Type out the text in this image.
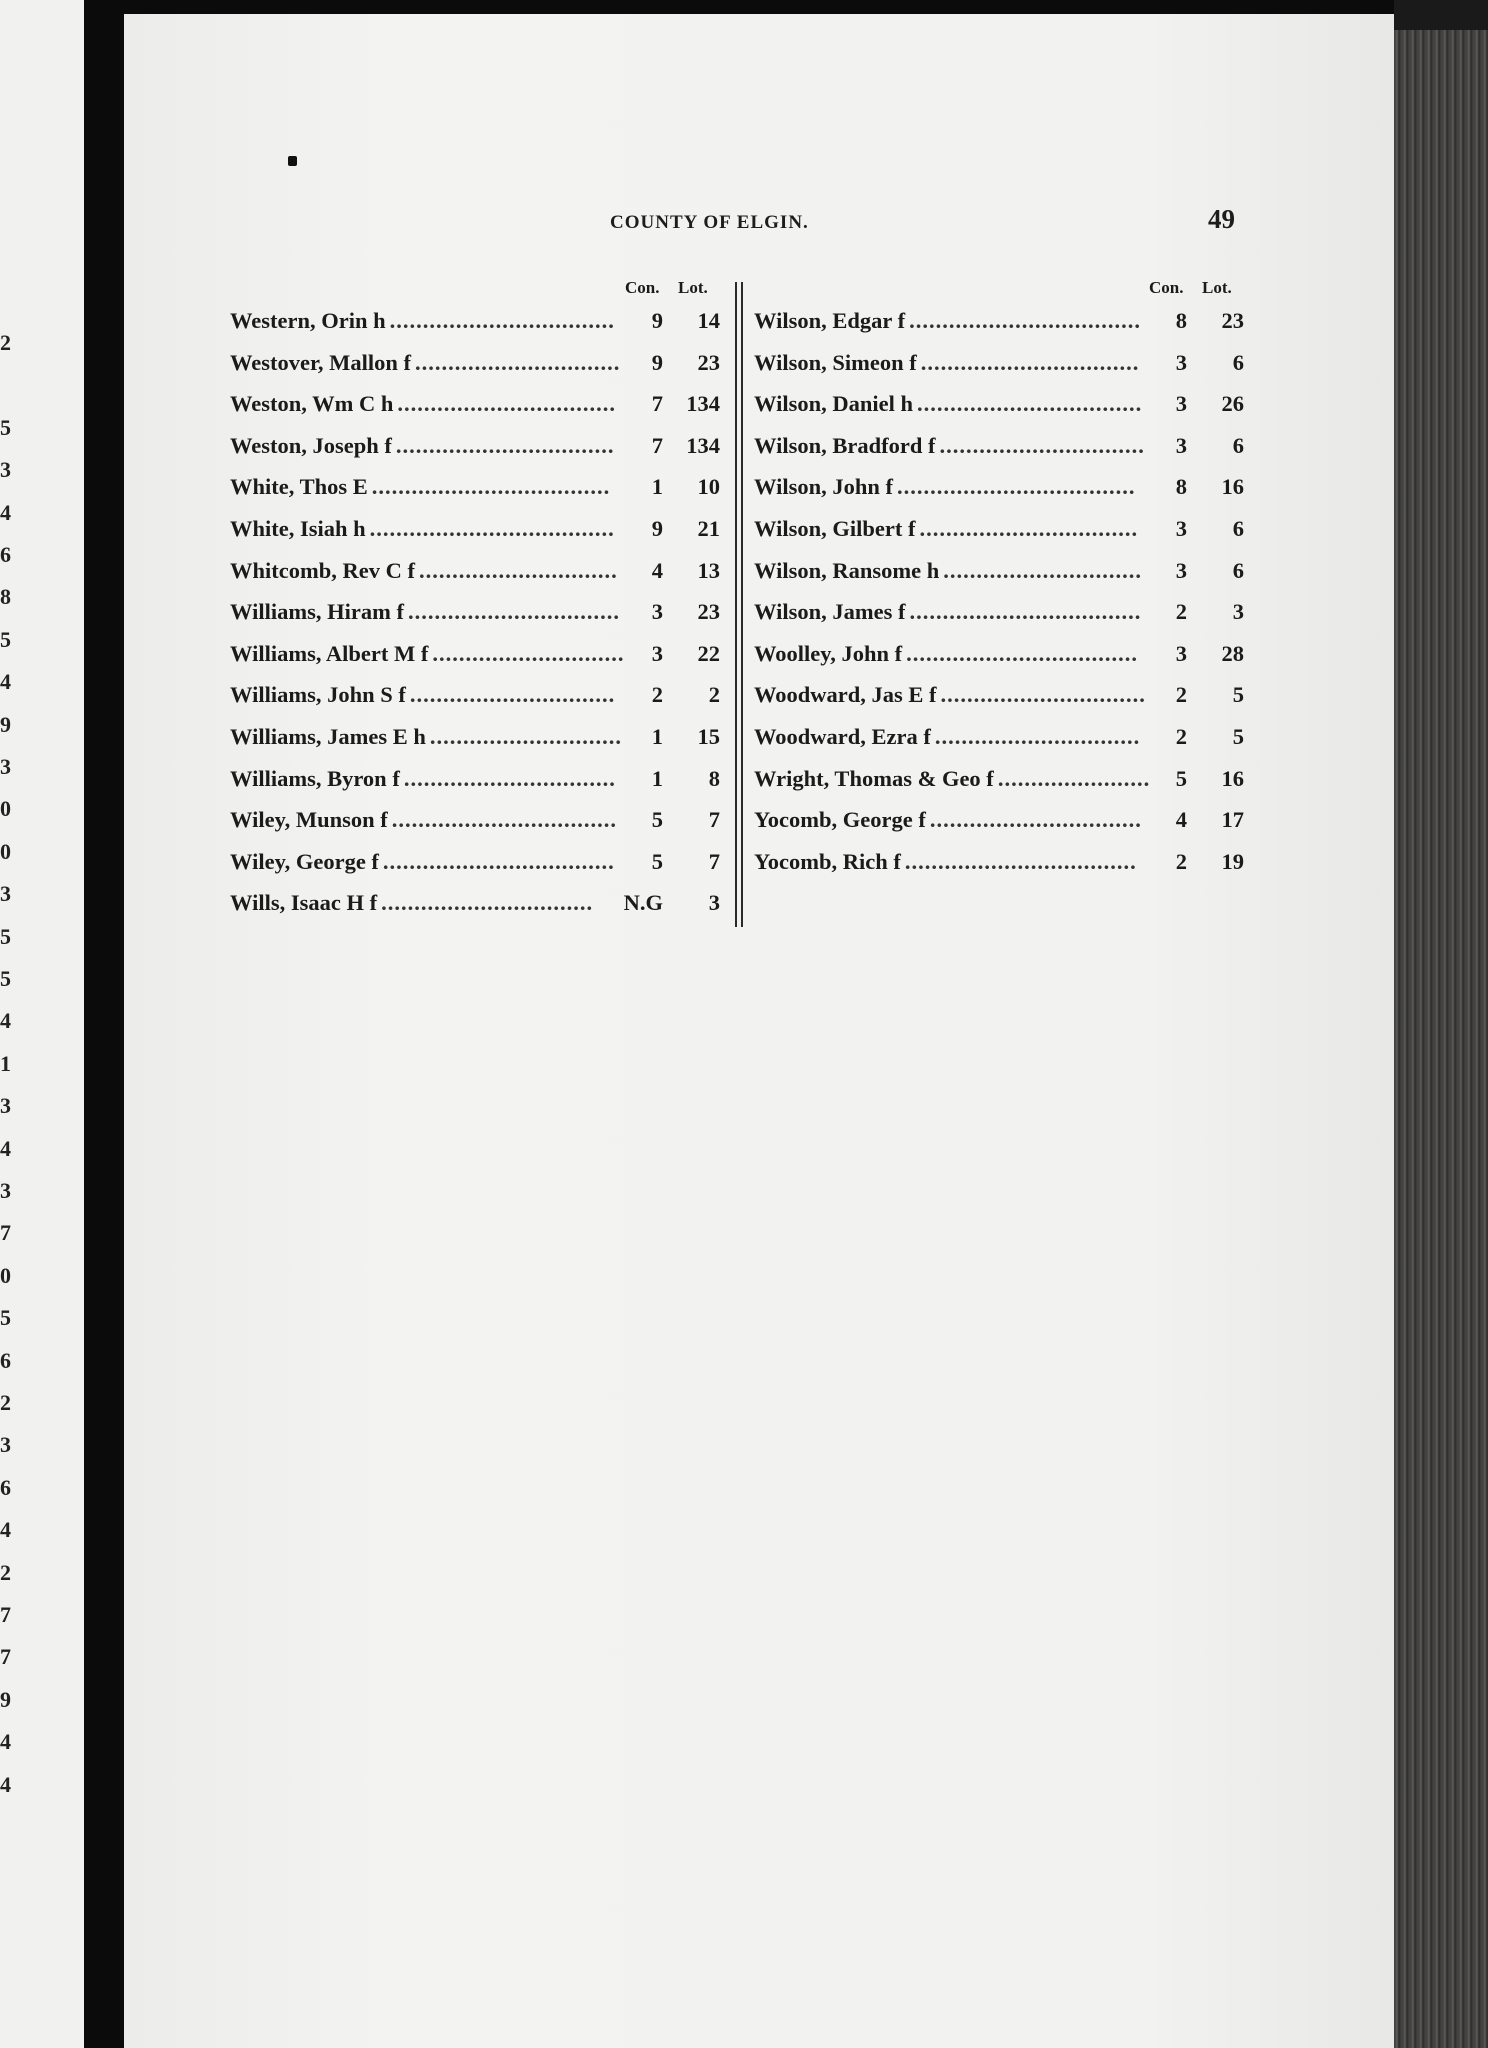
2
5
3
4
6
8
5
4
9
3
0
0
3
5
5
4
1
3
4
3
7
0
5
6
2
3
6
4
2
7
7
9
4
4
COUNTY OF ELGIN.	49
Con. Lot.
Western, Orin h ..................................	9 14
Westover, Mallon f ...............................	9 23
Weston, Wm C h .................................	7 134
Weston, Joseph f .................................	7 134
White, Thos E ....................................	1 10
White, Isiah h .....................................	9 21
Whitcomb, Rev C f ..............................	4 13
Williams, Hiram f ................................	3 23
Williams, Albert M f .............................	3 22
Williams, John S f ...............................	2 2
Williams, James E h .............................	1 15
Williams, Byron f ................................	1 8
Wiley, Munson f ..................................	5 7
Wiley, George f ...................................	5 7
Wills, Isaac H f ................................	N.G 3
Con. Lot.
Wilson, Edgar f ...................................	8 23
Wilson, Simeon f .................................	3 6
Wilson, Daniel h ..................................	3 26
Wilson, Bradford f ...............................	3 6
Wilson, John f ....................................	8 16
Wilson, Gilbert f .................................	3 6
Wilson, Ransome h ..............................	3 6
Wilson, James f ...................................	2 3
Woolley, John f ...................................	3 28
Woodward, Jas E f ...............................	2 5
Woodward, Ezra f ...............................	2 5
Wright, Thomas & Geo f .......................	5 16
Yocomb, George f ................................	4 17
Yocomb, Rich f ...................................	2 19
